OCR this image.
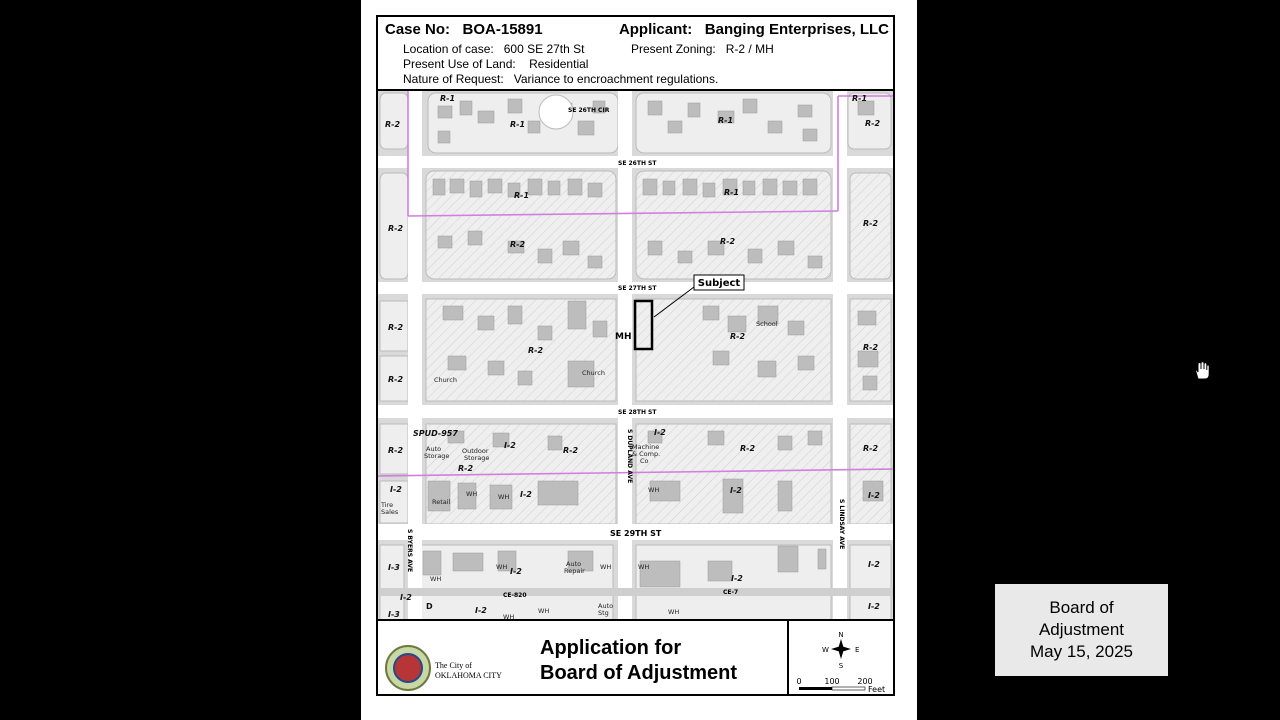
Case No: BOA-15891	Applicant: Banging Enterprises, LLC
Location of case: 600 SE 27th St	Present Zoning: R-2 / MH
Present Use of Land: Residential
Nature of Request: Variance to encroachment regulations.
SE 26TH CIR
SE 26TH ST
SE 27TH ST
SE 28TH ST
SE 29TH ST
S DUPLAND AVE
S BYERS AVE
S LINDSAY AVE
CE-820	CE-7
R-1
R-2	R-1	R-1
R-1
R-2
R-1	R-1
R-2
R-2	R-2
R-2
R-2
R-2
R-2
R-2
R-2
R-2	R-2	R-2
SPUD-957
I-2
I-2
R-2
R-2
I-2
I-2	I-2
I-2
I-3
I-2
I-2
I-2
I-2
I-3	I-2	I-2
D
Church
Church
School
Auto
Storage
Outdoor
Storage
Machine
& Comp.
Co
WH	WH
WH
Retail
Tire
Sales
WH
WH	Auto
Repair WH	WH
WH
Auto
Stg	WH
WH
MH
Subject
The City of
OKLAHOMA CITY
Application for
Board of Adjustment
N
S
E
W
0	100 200
Feet
Board of
Adjustment
May 15, 2025
